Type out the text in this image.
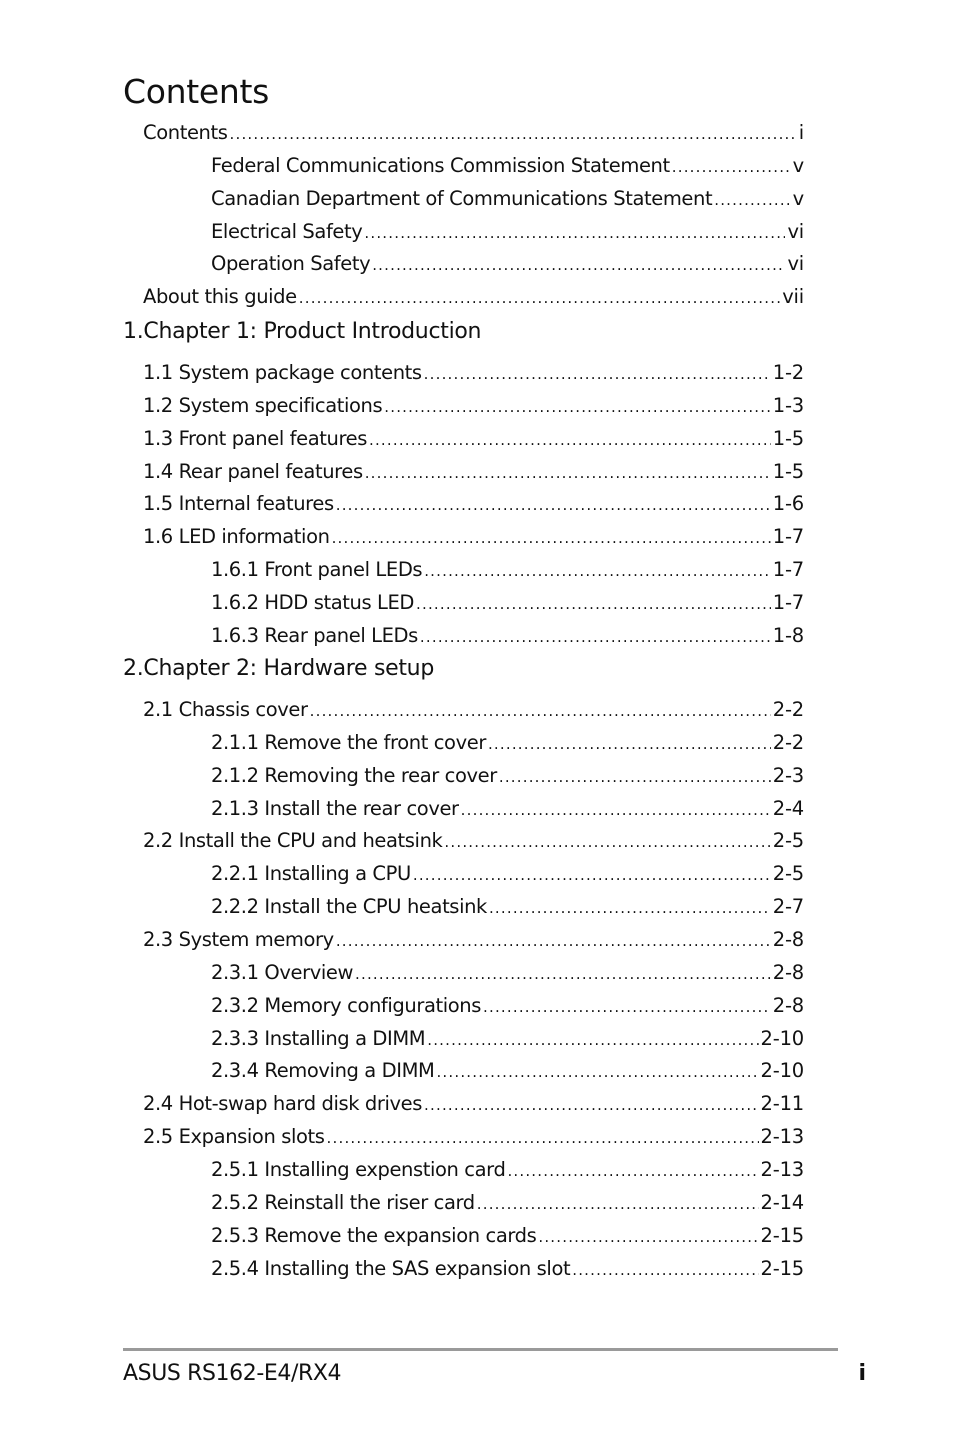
Contents
Contents .....	i
Federal Communications Commission Statement .....	v
Canadian Department of Communications Statement .....	v
Electrical Safety .....	vi
Operation Safety .....	vi
About this guide .....	vii
1.Chapter 1: Product Introduction
1.1 System package contents .....	1-2
1.2 System specifications .....	1-3
1.3 Front panel features .....	1-5
1.4 Rear panel features .....	1-5
1.5 Internal features .....	1-6
1.6 LED information .....	1-7
1.6.1 Front panel LEDs .....	1-7
1.6.2 HDD status LED .....	1-7
1.6.3 Rear panel LEDs .....	1-8
2.Chapter 2: Hardware setup
2.1 Chassis cover .....	2-2
2.1.1 Remove the front cover .....	2-2
2.1.2 Removing the rear cover .....	2-3
2.1.3 Install the rear cover .....	2-4
2.2 Install the CPU and heatsink .....	2-5
2.2.1 Installing a CPU .....	2-5
2.2.2 Install the CPU heatsink .....	2-7
2.3 System memory .....	2-8
2.3.1 Overview .....	2-8
2.3.2 Memory configurations .....	2-8
2.3.3 Installing a DIMM .....	2-10
2.3.4 Removing a DIMM .....	2-10
2.4 Hot-swap hard disk drives .....	2-11
2.5 Expansion slots .....	2-13
2.5.1 Installing expenstion card .....	2-13
2.5.2 Reinstall the riser card .....	2-14
2.5.3 Remove the expansion cards .....	2-15
2.5.4 Installing the SAS expansion slot .....	2-15
ASUS RS162-E4/RX4	i
